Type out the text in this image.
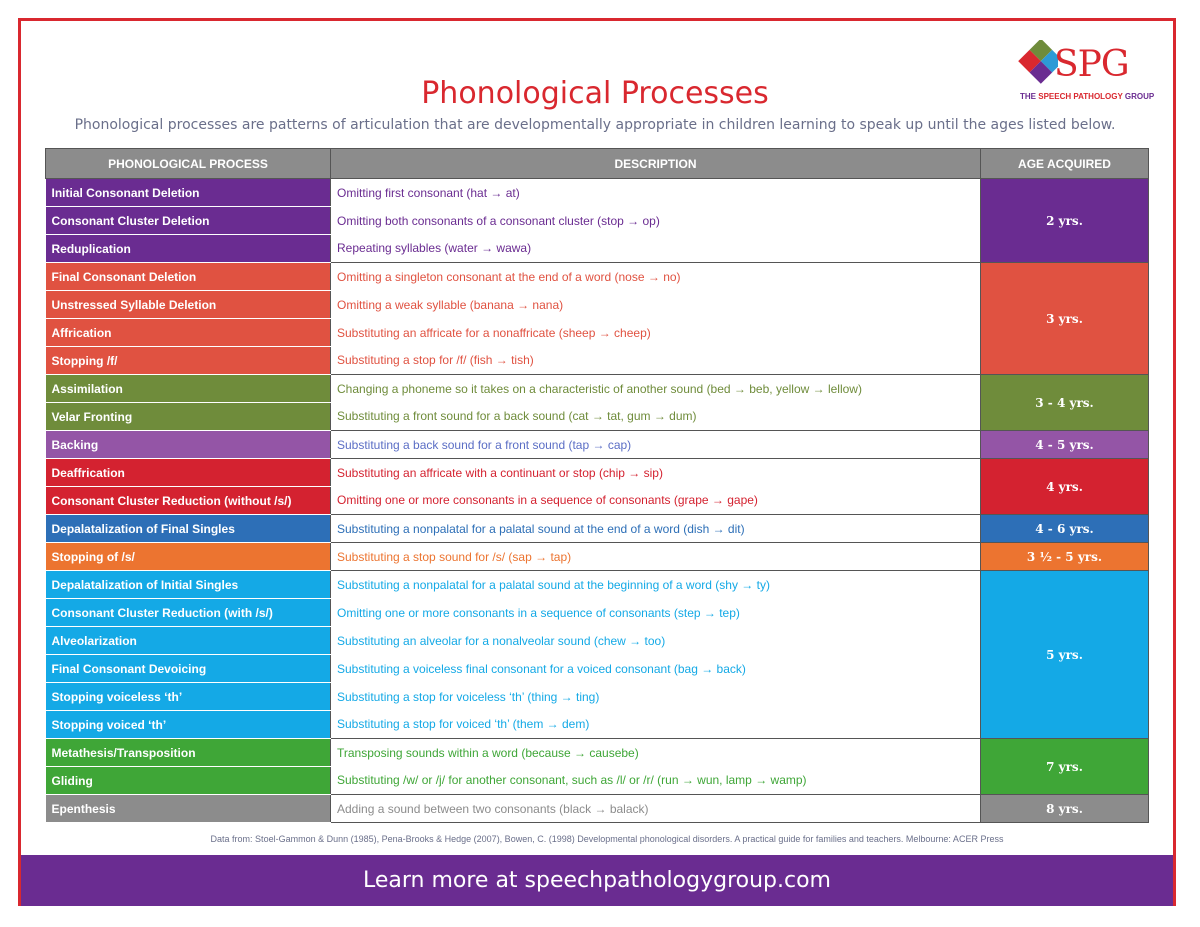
SPG
THE SPEECH PATHOLOGY GROUP
Phonological Processes
Phonological processes are patterns of articulation that are developmentally appropriate in children learning to speak up until the ages listed below.
PHONOLOGICAL PROCESS	DESCRIPTION	AGE ACQUIRED
Initial Consonant Deletion	Omitting first consonant (hat → at)	2 yrs.
Consonant Cluster Deletion	Omitting both consonants of a consonant cluster (stop → op)	
Reduplication	Repeating syllables (water → wawa)	
Final Consonant Deletion	Omitting a singleton consonant at the end of a word (nose → no)	3 yrs.
Unstressed Syllable Deletion	Omitting a weak syllable (banana → nana)	
Affrication	Substituting an affricate for a nonaffricate (sheep → cheep)	
Stopping /f/	Substituting a stop for /f/ (fish → tish)	
Assimilation	Changing a phoneme so it takes on a characteristic of another sound (bed → beb, yellow → lellow)	3 - 4 yrs.
Velar Fronting	Substituting a front sound for a back sound (cat → tat, gum → dum)	
Backing	Substituting a back sound for a front sound (tap → cap)	4 - 5 yrs.
Deaffrication	Substituting an affricate with a continuant or stop (chip → sip)	4 yrs.
Consonant Cluster Reduction (without /s/)	Omitting one or more consonants in a sequence of consonants (grape → gape)	
Depalatalization of Final Singles	Substituting a nonpalatal for a palatal sound at the end of a word (dish → dit)	4 - 6 yrs.
Stopping of /s/	Substituting a stop sound for /s/ (sap → tap)	3 ½ - 5 yrs.
Depalatalization of Initial Singles	Substituting a nonpalatal for a palatal sound at the beginning of a word (shy → ty)	5 yrs.
Consonant Cluster Reduction (with /s/)	Omitting one or more consonants in a sequence of consonants (step → tep)	
Alveolarization	Substituting an alveolar for a nonalveolar sound (chew → too)	
Final Consonant Devoicing	Substituting a voiceless final consonant for a voiced consonant (bag → back)	
Stopping voiceless ‘th’	Substituting a stop for voiceless ‘th’ (thing → ting)	
Stopping voiced ‘th’	Substituting a stop for voiced ‘th’ (them → dem)	
Metathesis/Transposition	Transposing sounds within a word (because → causebe)	7 yrs.
Gliding	Substituting /w/ or /j/ for another consonant, such as /l/ or /r/ (run → wun, lamp → wamp)	
Epenthesis	Adding a sound between two consonants (black → balack)	8 yrs.
Data from: Stoel-Gammon & Dunn (1985), Pena-Brooks & Hedge (2007), Bowen, C. (1998) Developmental phonological disorders. A practical guide for families and teachers. Melbourne: ACER Press
Learn more at speechpathologygroup.com
